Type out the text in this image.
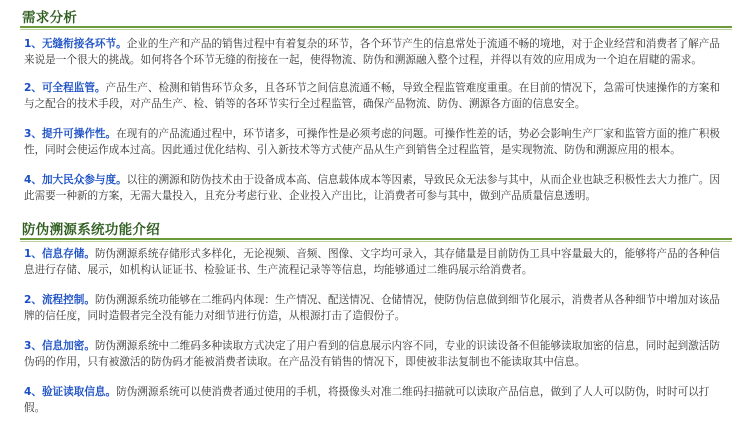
需求分析
1、无缝衔接各环节。企业的生产和产品的销售过程中有着复杂的环节，各个环节产生的信息常处于流通不畅的境地，对于企业经营和消费者了解产品来说是一个很大的挑战。如何将各个环节无缝的衔接在一起，使得物流、防伪和溯源融入整个过程，并得以有效的应用成为一个迫在眉睫的需求。
2、可全程监管。产品生产、检测和销售环节众多，且各环节之间信息流通不畅，导致全程监管难度重重。在目前的情况下，急需可快速操作的方案和与之配合的技术手段，对产品生产、检、销等的各环节实行全过程监管，确保产品物流、防伪、溯源各方面的信息安全。
3、提升可操作性。在现有的产品流通过程中，环节诸多，可操作性是必须考虑的问题。可操作性差的话，势必会影响生产厂家和监管方面的推广积极性，同时会使运作成本过高。因此通过优化结构、引入新技术等方式使产品从生产到销售全过程监管，是实现物流、防伪和溯源应用的根本。
4、加大民众参与度。以往的溯源和防伪技术由于设备成本高、信息载体成本等因素，导致民众无法参与其中，从而企业也缺乏积极性去大力推广。因此需要一种新的方案，无需大量投入，且充分考虑行业、企业投入产出比，让消费者可参与其中，做到产品质量信息透明。
防伪溯源系统功能介绍
1、信息存储。防伪溯源系统存储形式多样化，无论视频、音频、图像、文字均可录入，其存储量是目前防伪工具中容量最大的，能够将产品的各种信息进行存储、展示，如机构认证证书、检验证书、生产流程记录等等信息，均能够通过二维码展示给消费者。
2、流程控制。防伪溯源系统功能够在二维码内体现：生产情况、配送情况、仓储情况，使防伪信息做到细节化展示，消费者从各种细节中增加对该品牌的信任度，同时造假者完全没有能力对细节进行仿造，从根源打击了造假份子。
3、信息加密。防伪溯源系统中二维码多种读取方式决定了用户看到的信息展示内容不同，专业的识读设备不但能够读取加密的信息，同时起到激活防伪码的作用，只有被激活的防伪码才能被消费者读取。在产品没有销售的情况下，即使被非法复制也不能读取其中信息。
4、验证读取信息。防伪溯源系统可以使消费者通过使用的手机，将摄像头对准二维码扫描就可以读取产品信息，做到了人人可以防伪，时时可以打假。
